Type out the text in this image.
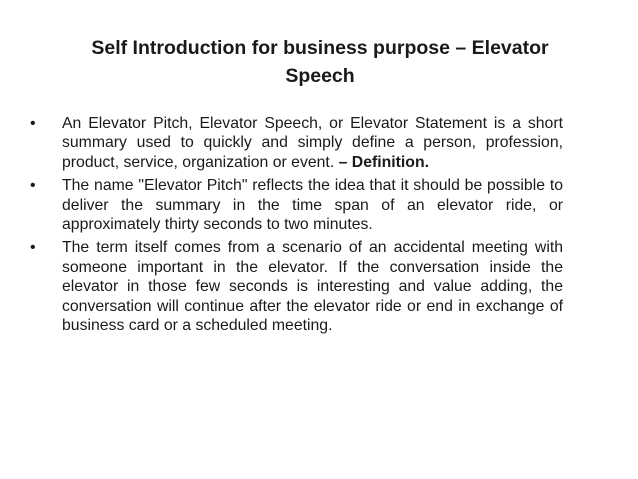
Self Introduction for business purpose – Elevator
Speech
• An Elevator Pitch, Elevator Speech, or Elevator Statement is a short summary used to quickly and simply define a person, profession, product, service, organization or event. – Definition.
• The name "Elevator Pitch" reflects the idea that it should be possible to deliver the summary in the time span of an elevator ride, or approximately thirty seconds to two minutes.
• The term itself comes from a scenario of an accidental meeting with someone important in the elevator. If the conversation inside the elevator in those few seconds is interesting and value adding, the conversation will continue after the elevator ride or end in exchange of business card or a scheduled meeting.
